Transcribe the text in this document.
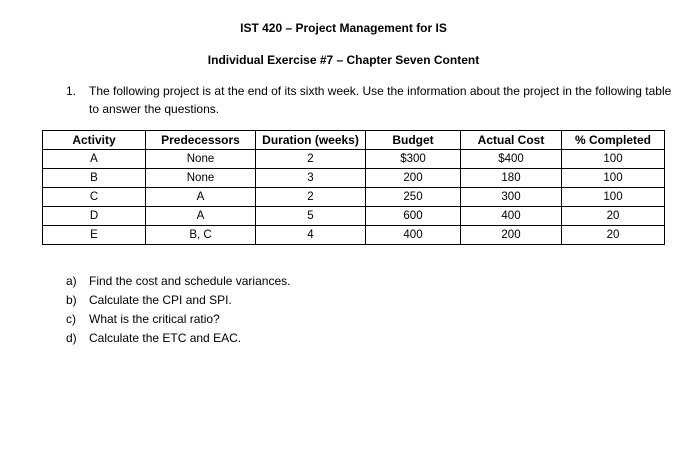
IST 420 – Project Management for IS
Individual Exercise #7 – Chapter Seven Content
1. The following project is at the end of its sixth week. Use the information about the project in the following table to answer the questions.
Activity	Predecessors	Duration (weeks)	Budget	Actual Cost	% Completed
A	None	2	$300	$400	100
B	None	3	200	180	100
C	A	2	250	300	100
D	A	5	600	400	20
E	B, C	4	400	200	20
a) Find the cost and schedule variances.
b) Calculate the CPI and SPI.
c) What is the critical ratio?
d) Calculate the ETC and EAC.
